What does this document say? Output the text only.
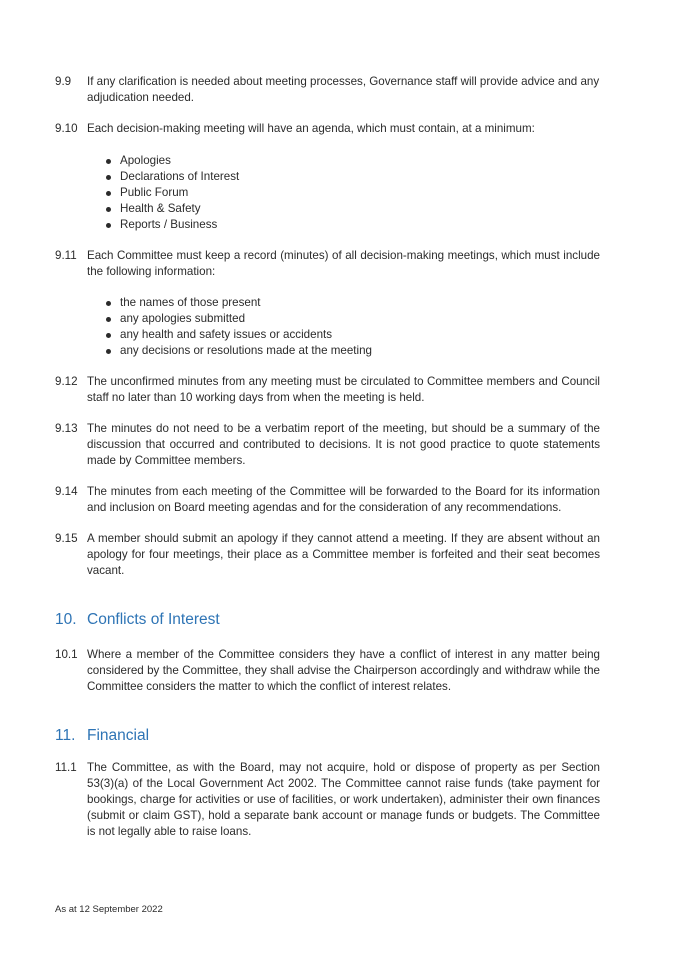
9.9	If any clarification is needed about meeting processes, Governance staff will provide advice and any adjudication needed.
9.10 Each decision-making meeting will have an agenda, which must contain, at a minimum:
Apologies
Declarations of Interest
Public Forum
Health & Safety
Reports / Business
9.11 Each Committee must keep a record (minutes) of all decision-making meetings, which must include the following information:
the names of those present
any apologies submitted
any health and safety issues or accidents
any decisions or resolutions made at the meeting
9.12 The unconfirmed minutes from any meeting must be circulated to Committee members and Council staff no later than 10 working days from when the meeting is held.
9.13 The minutes do not need to be a verbatim report of the meeting, but should be a summary of the discussion that occurred and contributed to decisions. It is not good practice to quote statements made by Committee members.
9.14 The minutes from each meeting of the Committee will be forwarded to the Board for its information and inclusion on Board meeting agendas and for the consideration of any recommendations.
9.15 A member should submit an apology if they cannot attend a meeting. If they are absent without an apology for four meetings, their place as a Committee member is forfeited and their seat becomes vacant.
10. Conflicts of Interest
10.1 Where a member of the Committee considers they have a conflict of interest in any matter being considered by the Committee, they shall advise the Chairperson accordingly and withdraw while the Committee considers the matter to which the conflict of interest relates.
11. Financial
11.1 The Committee, as with the Board, may not acquire, hold or dispose of property as per Section 53(3)(a) of the Local Government Act 2002. The Committee cannot raise funds (take payment for bookings, charge for activities or use of facilities, or work undertaken), administer their own finances (submit or claim GST), hold a separate bank account or manage funds or budgets. The Committee is not legally able to raise loans.
As at 12 September 2022
